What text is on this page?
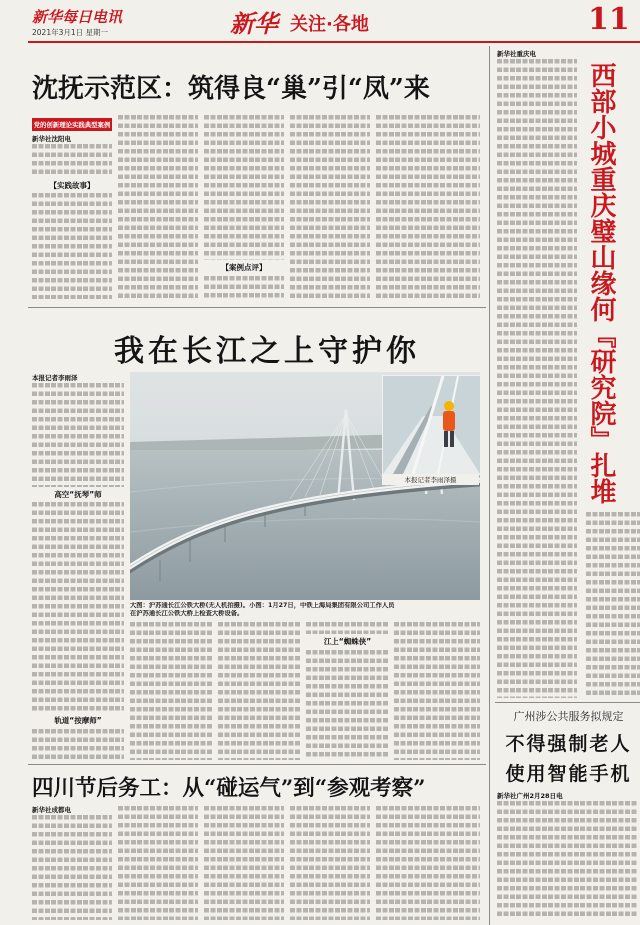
新华每日电讯
2021年3月1日 星期一	新华 关注·各地	11
沈抚示范区：筑得良“巢”引“凤”来
党的创新理论实践典型案例

新华社沈阳电

【实践故事】
【案例点评】
我在长江之上守护你

本报记者李雨泽

高空“抚琴”师
轨道“按摩师”
本报记者李雨泽摄
大图：沪苏通长江公铁大桥(无人机拍摄)。小图：1月27日，中铁上海局集团有限公司工作人员
在沪苏通长江公铁大桥上检查大桥设备。
江上“蜘蛛侠”
四川节后务工：从“碰运气”到“参观考察”

新华社成都电

新华社重庆电

西部小城重庆璧山缘何『研究院』扎堆
广州涉公共服务拟规定
不得强制老人
使用智能手机

新华社广州2月28日电
